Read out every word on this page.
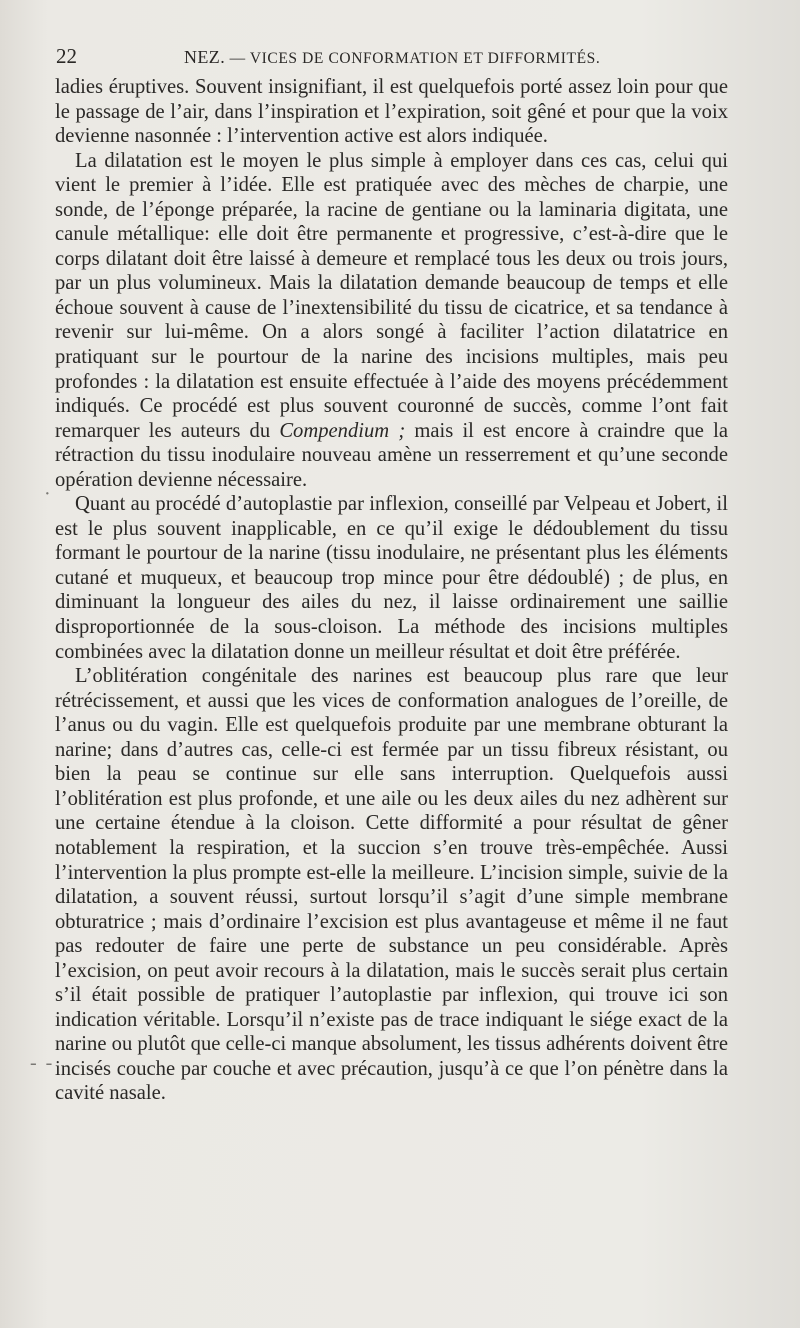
22	NEZ. — VICES DE CONFORMATION ET DIFFORMITÉS.
·
- -

ladies éruptives. Souvent insignifiant, il est quelquefois porté assez loin pour que le passage de l’air, dans l’inspiration et l’expiration, soit gêné et pour que la voix devienne nasonnée : l’intervention active est alors indiquée.

La dilatation est le moyen le plus simple à employer dans ces cas, celui qui vient le premier à l’idée. Elle est pratiquée avec des mèches de charpie, une sonde, de l’éponge préparée, la racine de gentiane ou la laminaria digitata, une canule métallique: elle doit être permanente et progressive, c’est-à-dire que le corps dilatant doit être laissé à demeure et remplacé tous les deux ou trois jours, par un plus volumineux. Mais la dilatation demande beaucoup de temps et elle échoue souvent à cause de l’inextensibilité du tissu de cicatrice, et sa tendance à revenir sur lui-même. On a alors songé à faciliter l’action dilatatrice en pratiquant sur le pourtour de la narine des incisions multiples, mais peu profondes : la dilatation est ensuite effectuée à l’aide des moyens précédemment indiqués. Ce procédé est plus souvent couronné de succès, comme l’ont fait remarquer les auteurs du Compendium ; mais il est encore à craindre que la rétraction du tissu inodulaire nouveau amène un resserrement et qu’une seconde opération devienne nécessaire.

Quant au procédé d’autoplastie par inflexion, conseillé par Velpeau et Jobert, il est le plus souvent inapplicable, en ce qu’il exige le dédoublement du tissu formant le pourtour de la narine (tissu inodulaire, ne présentant plus les éléments cutané et muqueux, et beaucoup trop mince pour être dédoublé) ; de plus, en diminuant la longueur des ailes du nez, il laisse ordinairement une saillie disproportionnée de la sous-cloison. La méthode des incisions multiples combinées avec la dilatation donne un meilleur résultat et doit être préférée.

L’oblitération congénitale des narines est beaucoup plus rare que leur rétrécissement, et aussi que les vices de conformation analogues de l’oreille, de l’anus ou du vagin. Elle est quelquefois produite par une membrane obturant la narine; dans d’autres cas, celle-ci est fermée par un tissu fibreux résistant, ou bien la peau se continue sur elle sans interruption. Quelquefois aussi l’oblitération est plus profonde, et une aile ou les deux ailes du nez adhèrent sur une certaine étendue à la cloison. Cette difformité a pour résultat de gêner notablement la respiration, et la succion s’en trouve très-empêchée. Aussi l’intervention la plus prompte est-elle la meilleure. L’incision simple, suivie de la dilatation, a souvent réussi, surtout lorsqu’il s’agit d’une simple membrane obturatrice ; mais d’ordinaire l’excision est plus avantageuse et même il ne faut pas redouter de faire une perte de substance un peu considérable. Après l’excision, on peut avoir recours à la dilatation, mais le succès serait plus certain s’il était possible de pratiquer l’autoplastie par inflexion, qui trouve ici son indication véritable. Lorsqu’il n’existe pas de trace indiquant le siége exact de la narine ou plutôt que celle-ci manque absolument, les tissus adhérents doivent être incisés couche par couche et avec précaution, jusqu’à ce que l’on pénètre dans la cavité nasale.
